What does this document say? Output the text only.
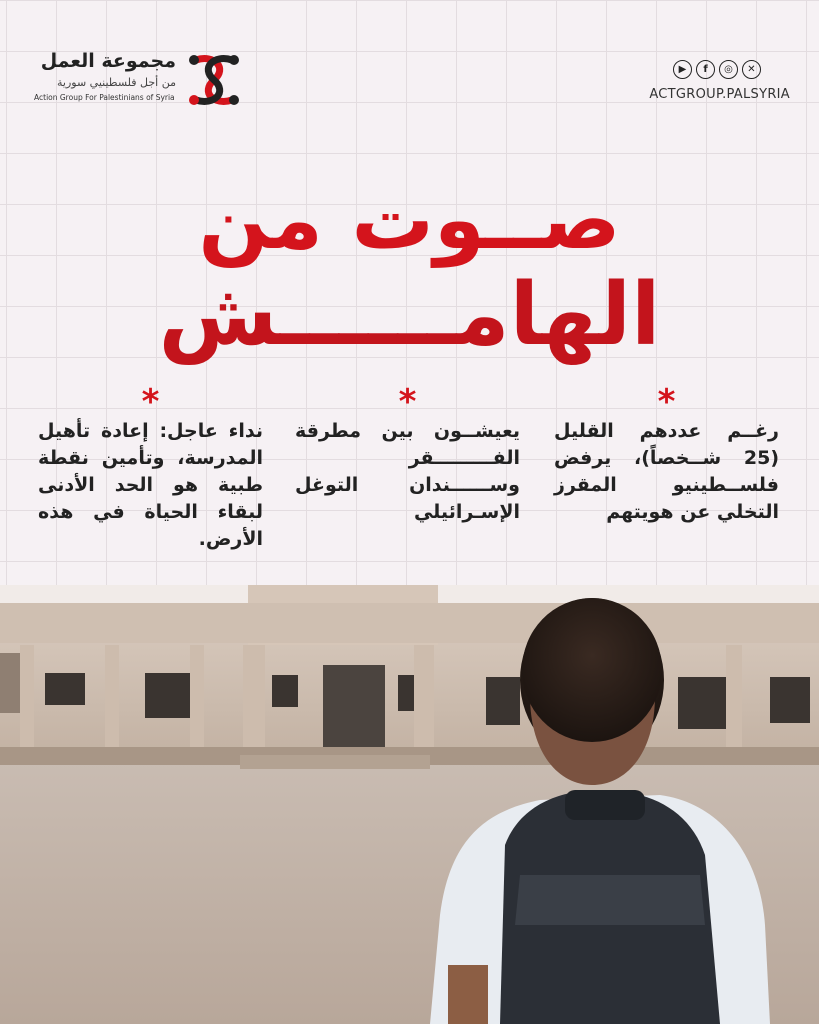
مجموعة العمل
من أجل فلسطينيي سورية
Action Group For Palestinians of Syria
▶	f	◎	✕
ACTGROUP.PALSYRIA
صــوت من
الهامــــــش
*
رغــم عددهم القليل (25 شــخصاً)، يرفض فلســطينيو المقرز التخلي عن هويتهم
*
يعيشــون بين مطرقة الفـــــــــقر وســــــندان التوغل الإسـرائيلي
*
نداء عاجل: إعادة تأهيل المدرسة، وتأمين نقطة طبية هو الحد الأدنى لبقاء الحياة في هذه الأرض.
